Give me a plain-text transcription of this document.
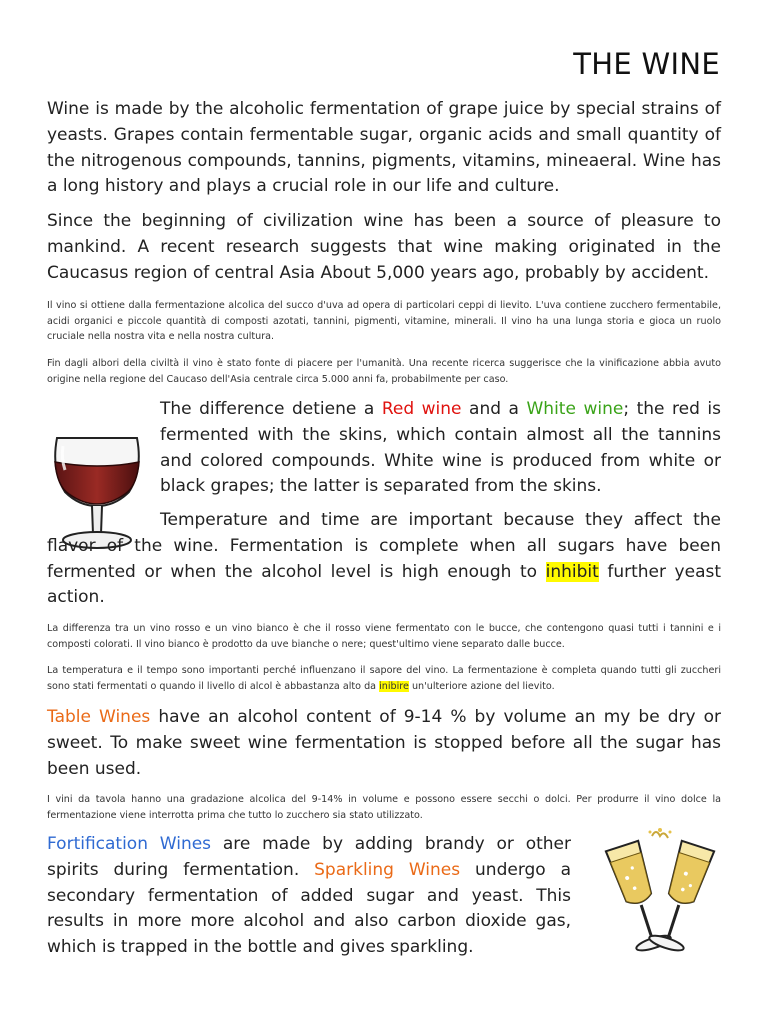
THE WINE

Wine is made by the alcoholic fermentation of grape juice by special strains of yeasts. Grapes contain fermentable sugar, organic acids and small quantity of the nitrogenous compounds, tannins, pigments, vitamins, mineaeral. Wine has a long history and plays a crucial role in our life and culture.

Since the beginning of civilization wine has been a source of pleasure to mankind. A recent research suggests that wine making originated in the Caucasus region of central Asia About 5,000 years ago, probably by accident.

Il vino si ottiene dalla fermentazione alcolica del succo d'uva ad opera di particolari ceppi di lievito. L'uva contiene zucchero fermentabile, acidi organici e piccole quantità di composti azotati, tannini, pigmenti, vitamine, minerali. Il vino ha una lunga storia e gioca un ruolo cruciale nella nostra vita e nella nostra cultura.

Fin dagli albori della civiltà il vino è stato fonte di piacere per l'umanità. Una recente ricerca suggerisce che la vinificazione abbia avuto origine nella regione del Caucaso dell'Asia centrale circa 5.000 anni fa, probabilmente per caso.

The difference detiene a Red wine and a White wine; the red is fermented with the skins, which contain almost all the tannins and colored compounds. White wine is produced from white or black grapes; the latter is separated from the skins.

Temperature and time are important because they affect the flavor of the wine. Fermentation is complete when all sugars have been fermented or when the alcohol level is high enough to inhibit further yeast action.

La differenza tra un vino rosso e un vino bianco è che il rosso viene fermentato con le bucce, che contengono quasi tutti i tannini e i composti colorati. Il vino bianco è prodotto da uve bianche o nere; quest'ultimo viene separato dalle bucce.

La temperatura e il tempo sono importanti perché influenzano il sapore del vino. La fermentazione è completa quando tutti gli zuccheri sono stati fermentati o quando il livello di alcol è abbastanza alto da inibire un'ulteriore azione del lievito.

Table Wines have an alcohol content of 9-14 % by volume an my be dry or sweet. To make sweet wine fermentation is stopped before all the sugar has been used.

I vini da tavola hanno una gradazione alcolica del 9-14% in volume e possono essere secchi o dolci. Per produrre il vino dolce la fermentazione viene interrotta prima che tutto lo zucchero sia stato utilizzato.

Fortification Wines are made by adding brandy or other spirits during fermentation. Sparkling Wines undergo a secondary fermentation of added sugar and yeast. This results in more more alcohol and also carbon dioxide gas, which is trapped in the bottle and gives sparkling.
